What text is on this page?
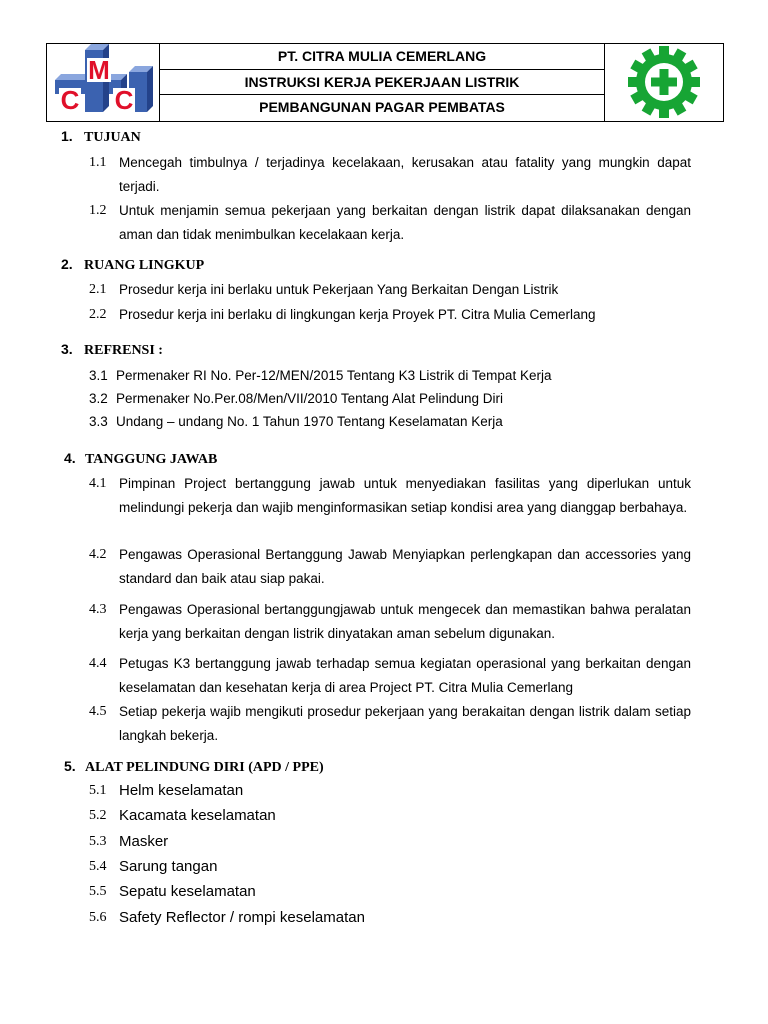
C
M
C
PT. CITRA MULIA CEMERLANG
INSTRUKSI KERJA PEKERJAAN LISTRIK
PEMBANGUNAN PAGAR PEMBATAS
1. TUJUAN
1.1 Mencegah timbulnya / terjadinya kecelakaan, kerusakan atau fatality yang mungkin dapat terjadi.
1.2 Untuk menjamin semua pekerjaan yang berkaitan dengan listrik dapat dilaksanakan dengan aman dan tidak menimbulkan kecelakaan kerja.
2. RUANG LINGKUP
2.1 Prosedur kerja ini berlaku untuk Pekerjaan Yang Berkaitan Dengan Listrik
2.2 Prosedur kerja ini berlaku di lingkungan kerja Proyek PT. Citra Mulia Cemerlang
3. REFRENSI :
3.1 Permenaker RI No. Per-12/MEN/2015 Tentang K3 Listrik di Tempat Kerja
3.2 Permenaker No.Per.08/Men/VII/2010 Tentang Alat Pelindung Diri
3.3 Undang – undang No. 1 Tahun 1970 Tentang Keselamatan Kerja
4. TANGGUNG JAWAB
4.1 Pimpinan Project bertanggung jawab untuk menyediakan fasilitas yang diperlukan untuk melindungi pekerja dan wajib menginformasikan setiap kondisi area yang dianggap berbahaya.
4.2 Pengawas Operasional Bertanggung Jawab Menyiapkan perlengkapan dan accessories yang standard dan baik atau siap pakai.
4.3 Pengawas Operasional bertanggungjawab untuk mengecek dan memastikan bahwa peralatan kerja yang berkaitan dengan listrik dinyatakan aman sebelum digunakan.
4.4 Petugas K3 bertanggung jawab terhadap semua kegiatan operasional yang berkaitan dengan keselamatan dan kesehatan kerja di area Project PT. Citra Mulia Cemerlang
4.5 Setiap pekerja wajib mengikuti prosedur pekerjaan yang berakaitan dengan listrik dalam setiap langkah bekerja.
5. ALAT PELINDUNG DIRI (APD / PPE)
5.1 Helm keselamatan
5.2 Kacamata keselamatan
5.3 Masker
5.4 Sarung tangan
5.5 Sepatu keselamatan
5.6 Safety Reflector / rompi keselamatan
